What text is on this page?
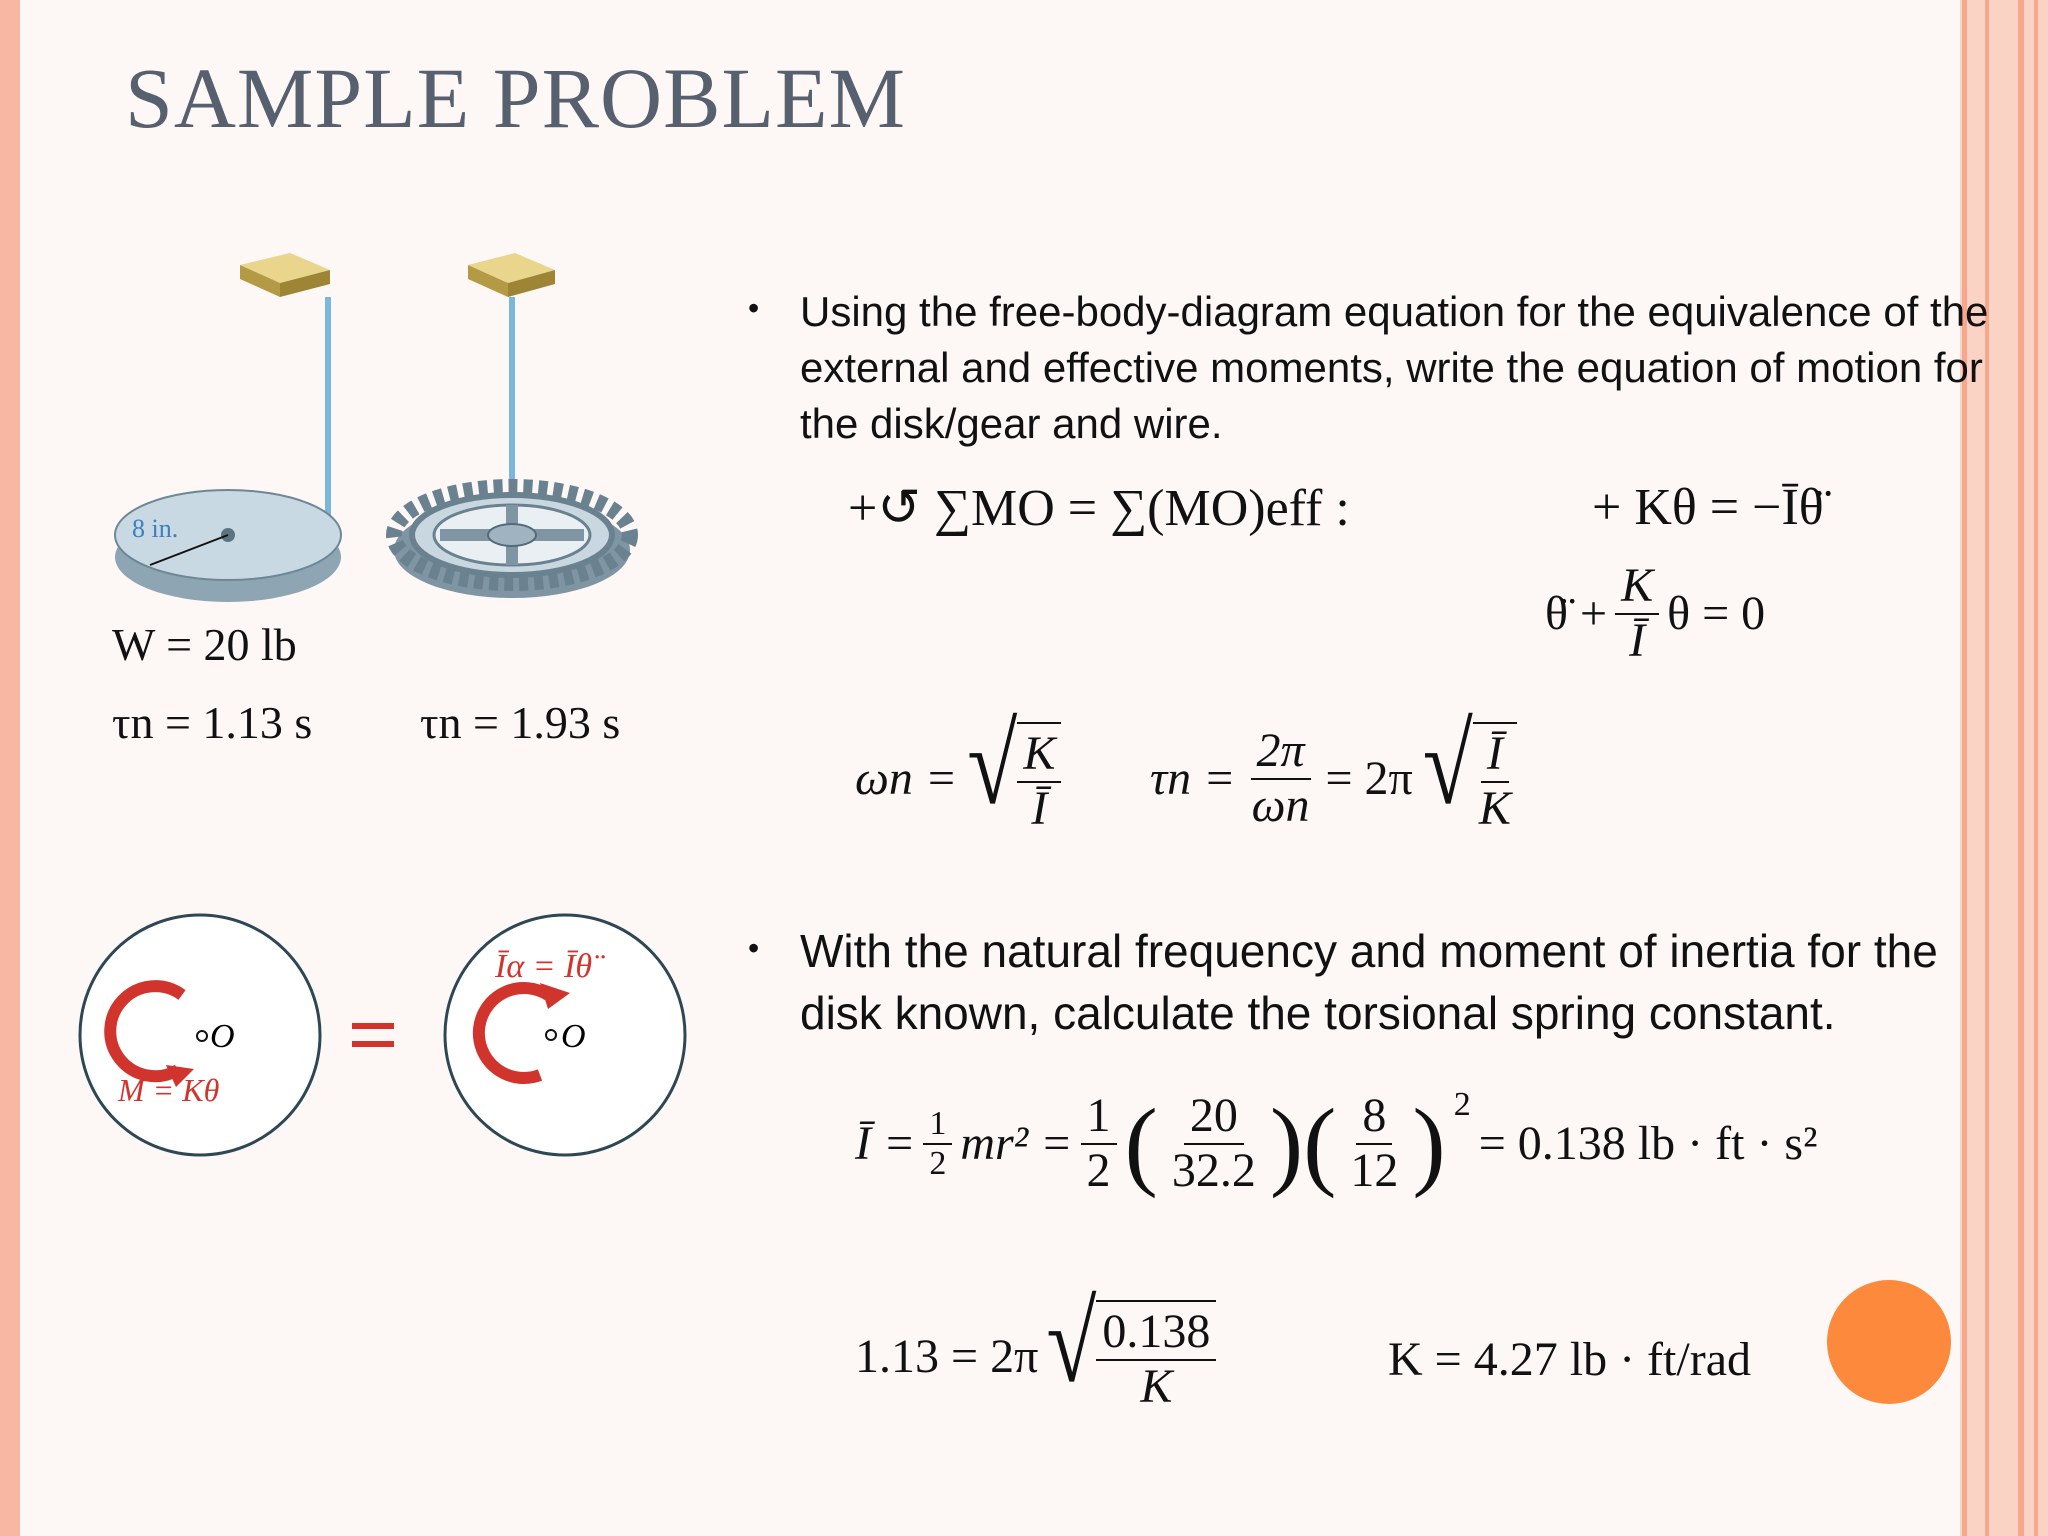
SAMPLE PROBLEM
8 in.
W = 20 lb
τn = 1.13 s τn = 1.93 s
O
M = Kθ
Īα = Īθ̈
O
• Using the free-body-diagram equation for the equivalence of the external and effective moments, write the equation of motion for the disk/gear and wire.
+↺ ∑MO = ∑(MO)eff :	+ Kθ = −Īθ̈
θ̈ + $\frac{K}{Ī}$ θ = 0
ωn = √ $\frac{K}{Ī}$ $\tau n = \frac{2\pi}{\omega n} = 2\pi$ √ $\frac{Ī}{K}$
• With the natural frequency and moment of inertia for the disk known, calculate the torsional spring constant.
Ī = $\frac{1}{2} mr^2 = \frac{1}{2}$ ( $\frac{20}{32.2}$ )( $\frac{8}{12} )^2$
= 0.138 lb · ft · s²
1.13 = 2π √ $\frac{0.138}{K}$	K = 4.27 lb · ft/rad
